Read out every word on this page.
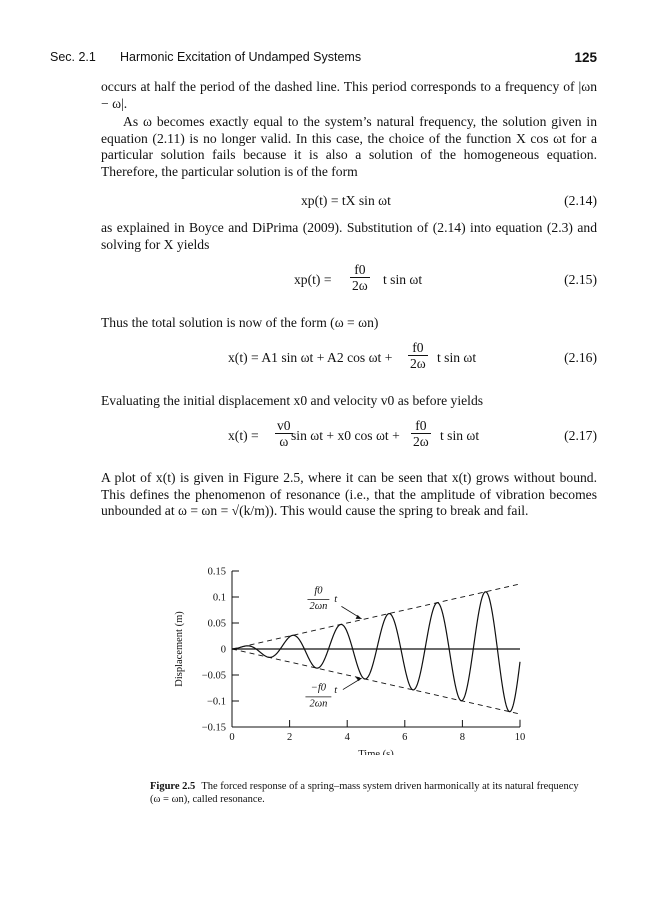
Sec. 2.1 Harmonic Excitation of Undamped Systems	125

occurs at half the period of the dashed line. This period corresponds to a frequency of |ωn − ω|.

As ω becomes exactly equal to the system’s natural frequency, the solution given in equation (2.11) is no longer valid. In this case, the choice of the function X cos ωt for a particular solution fails because it is also a solution of the homogeneous equation. Therefore, the particular solution is of the form

xp(t) = tX sin ωt	(2.14)

as explained in Boyce and DiPrima (2009). Substitution of (2.14) into equation (2.3) and solving for X yields

$xp(t) = \frac{f0}{2\omega}$ t sin ωt	(2.15)

Thus the total solution is now of the form (ω = ωn)

x(t) = A1 sin ωt + A2 $\cos \omega t + \frac{f0}{2\omega}$ t sin ωt	(2.16)

Evaluating the initial displacement x0 and velocity v0 as before yields

$x(t) = \frac{v0}{\omega}$
sin ωt + x0 $\cos \omega t + \frac{f0}{2\omega}$ t sin ωt	(2.17)

A plot of x(t) is given in Figure 2.5, where it can be seen that x(t) grows without bound. This defines the phenomenon of resonance (i.e., that the amplitude of vibration becomes unbounded at ω = ωn = √(k/m)). This would cause the spring to break and fail.

0.15
0.1
0.05
0
−0.05
−0.1
−0.15
0	2	4	6	8	10
Time (s)
Displacement (m)
f0
2ωn
t
−f0
2ωn
t
Figure 2.5 The forced response of a spring–mass system driven harmonically at its natural frequency (ω = ωn), called resonance.
